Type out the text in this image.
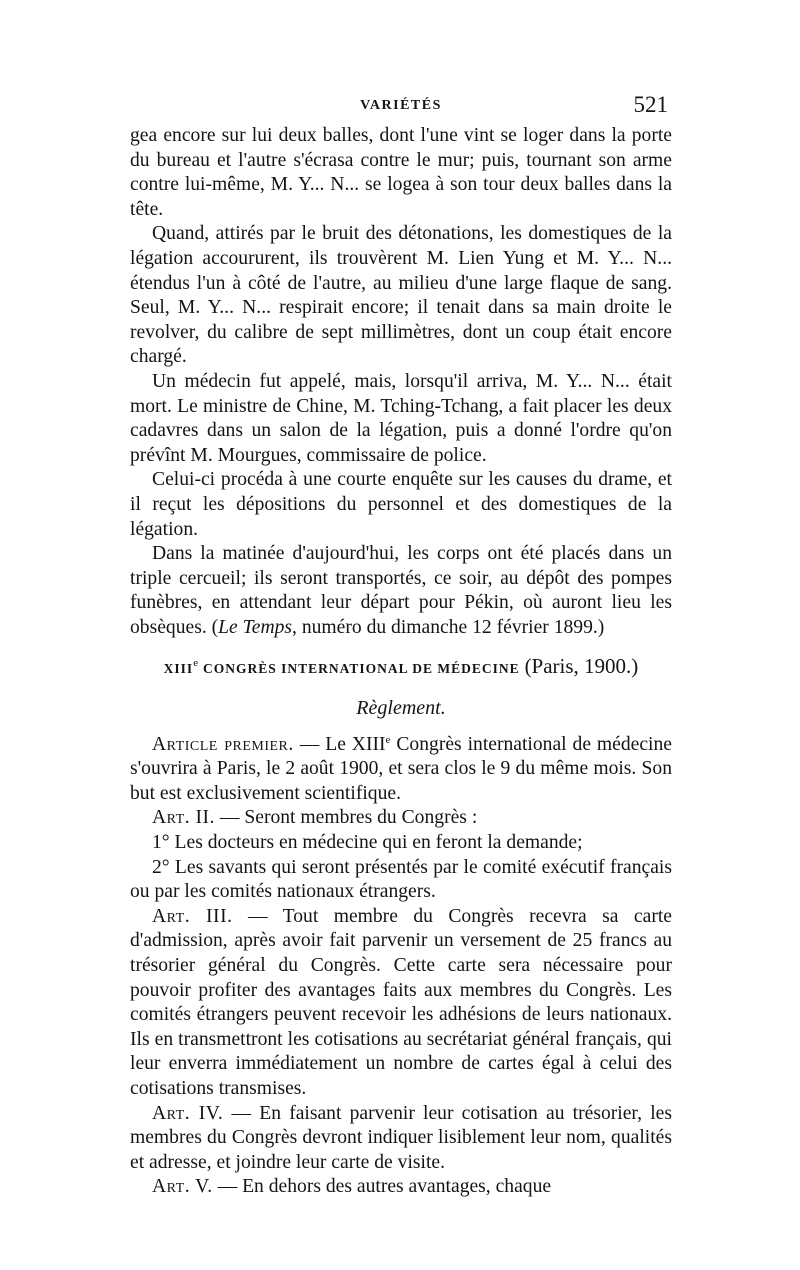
VARIÉTÉS	521

gea encore sur lui deux balles, dont l'une vint se loger dans la porte du bureau et l'autre s'écrasa contre le mur; puis, tournant son arme contre lui-même, M. Y... N... se logea à son tour deux balles dans la tête.

Quand, attirés par le bruit des détonations, les domestiques de la légation accoururent, ils trouvèrent M. Lien Yung et M. Y... N... étendus l'un à côté de l'autre, au milieu d'une large flaque de sang. Seul, M. Y... N... respirait encore; il tenait dans sa main droite le revolver, du calibre de sept millimètres, dont un coup était encore chargé.

Un médecin fut appelé, mais, lorsqu'il arriva, M. Y... N... était mort. Le ministre de Chine, M. Tching-Tchang, a fait placer les deux cadavres dans un salon de la légation, puis a donné l'ordre qu'on prévînt M. Mourgues, commissaire de police.

Celui-ci procéda à une courte enquête sur les causes du drame, et il reçut les dépositions du personnel et des domestiques de la légation.

Dans la matinée d'aujourd'hui, les corps ont été placés dans un triple cercueil; ils seront transportés, ce soir, au dépôt des pompes funèbres, en attendant leur départ pour Pékin, où auront lieu les obsèques. (Le Temps, numéro du dimanche 12 février 1899.)

XIIIe CONGRÈS INTERNATIONAL DE MÉDECINE (Paris, 1900.)
Règlement.

Article premier. — Le XIIIe Congrès international de médecine s'ouvrira à Paris, le 2 août 1900, et sera clos le 9 du même mois. Son but est exclusivement scientifique.

Art. II. — Seront membres du Congrès :

1° Les docteurs en médecine qui en feront la demande;

2° Les savants qui seront présentés par le comité exécutif français ou par les comités nationaux étrangers.

Art. III. — Tout membre du Congrès recevra sa carte d'admission, après avoir fait parvenir un versement de 25 francs au trésorier général du Congrès. Cette carte sera nécessaire pour pouvoir profiter des avantages faits aux membres du Congrès. Les comités étrangers peuvent recevoir les adhésions de leurs nationaux. Ils en transmettront les cotisations au secrétariat général français, qui leur enverra immédiatement un nombre de cartes égal à celui des cotisations transmises.

Art. IV. — En faisant parvenir leur cotisation au trésorier, les membres du Congrès devront indiquer lisiblement leur nom, qualités et adresse, et joindre leur carte de visite.

Art. V. — En dehors des autres avantages, chaque
